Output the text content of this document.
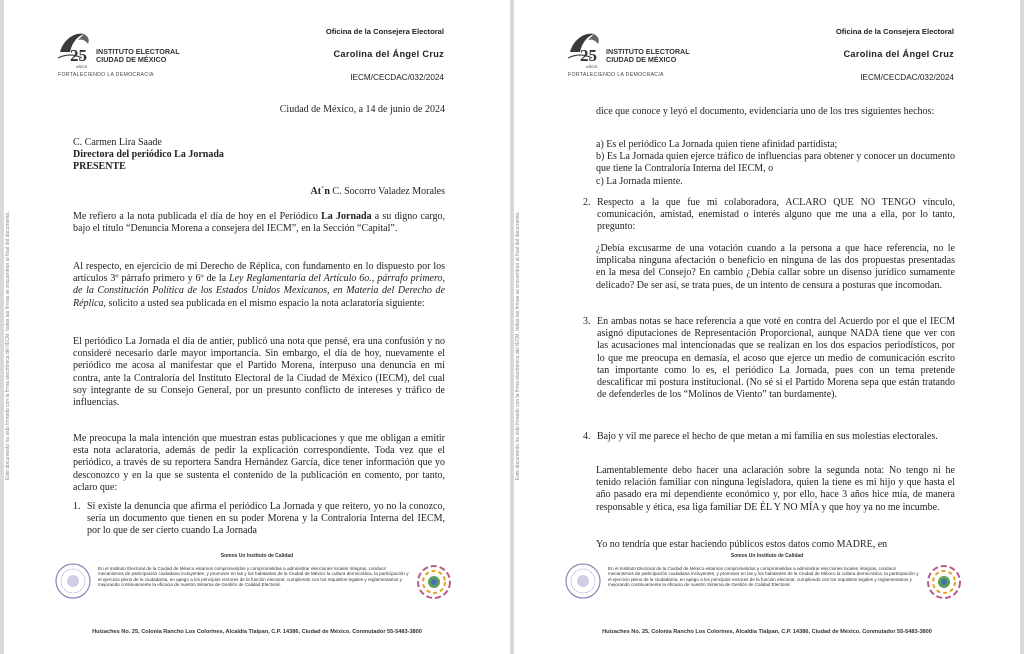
Este documento ha sido firmado con la firma electrónica del IECM, todas las firmas se encuentran al final del documento.
25
AÑOS
INSTITUTO ELECTORAL
CIUDAD DE MÉXICO
FORTALECIENDO LA DEMOCRACIA
Oficina de la Consejera Electoral
Carolina del Ángel Cruz
IECM/CECDAC/032/2024
Ciudad de México, a 14 de junio de 2024
C. Carmen Lira Saade
Directora del periódico La Jornada
PRESENTE
At´n C. Socorro Valadez Morales
Me refiero a la nota publicada el día de hoy en el Periódico La Jornada a su digno cargo, bajo el título “Denuncia Morena a consejera del IECM”, en la Sección “Capital”.
Al respecto, en ejercicio de mi Derecho de Réplica, con fundamento en lo dispuesto por los artículos 3º párrafo primero y 6º de la Ley Reglamentaria del Artículo 6o., párrafo primero, de la Constitución Política de los Estados Unidos Mexicanos, en Materia del Derecho de Réplica, solicito a usted sea publicada en el mismo espacio la nota aclaratoria siguiente:
El periódico La Jornada el día de antier, publicó una nota que pensé, era una confusión y no consideré necesario darle mayor importancia. Sin embargo, el día de hoy, nuevamente el periódico me acosa al manifestar que el Partido Morena, interpuso una denuncia en mi contra, ante la Contraloría del Instituto Electoral de la Ciudad de México (IECM), del cual soy integrante de su Consejo General, por un presunto conflicto de intereses y tráfico de influencias.
Me preocupa la mala intención que muestran estas publicaciones y que me obligan a emitir esta nota aclaratoria, además de pedir la explicación correspondiente. Toda vez que el periódico, a través de su reportera Sandra Hernández García, dice tener información que yo desconozco y en la que se sustenta el contenido de la publicación en comento, por tanto, aclaro que:
1. Si existe la denuncia que afirma el periódico La Jornada y que reitero, yo no la conozco, sería un documento que tienen en su poder Morena y la Contraloría Interna del IECM, por lo que de ser cierto cuando La Jornada
Somos Un Instituto de Calidad
En el Instituto Electoral de la Ciudad de México estamos comprometidos y comprometidas a administrar elecciones locales íntegras, conducir mecanismos de participación ciudadana incluyentes, y promover en las y los habitantes de la Ciudad de México la cultura democrática, la participación y el ejercicio pleno de la ciudadanía, en apego a los principios rectores de la función electoral, cumpliendo con los requisitos legales y reglamentarios y mejorando continuamente la eficacia de nuestro Sistema de Gestión de Calidad Electoral.
Huizaches No. 25, Colonia Rancho Los Colorines, Alcaldía Tlalpan, C.P. 14386, Ciudad de México. Conmutador 55-5483-3800
Este documento ha sido firmado con la firma electrónica del IECM, todas las firmas se encuentran al final del documento.
25
AÑOS
INSTITUTO ELECTORAL
CIUDAD DE MÉXICO
FORTALECIENDO LA DEMOCRACIA
Oficina de la Consejera Electoral
Carolina del Ángel Cruz
IECM/CECDAC/032/2024
dice que conoce y leyó el documento, evidenciaría uno de los tres siguientes hechos:
a) Es el periódico La Jornada quien tiene afinidad partidista;
b) Es La Jornada quien ejerce tráfico de influencias para obtener y conocer un documento que tiene la Contraloría Interna del IECM, o
c) La Jornada miente.
2. Respecto a la que fue mi colaboradora, ACLARO QUE NO TENGO vínculo, comunicación, amistad, enemistad o interés alguno que me una a ella, por lo tanto, pregunto:
¿Debía excusarme de una votación cuando a la persona a que hace referencia, no le implicaba ninguna afectación o beneficio en ninguna de las dos propuestas presentadas en la mesa del Consejo? En cambio ¿Debía callar sobre un disenso jurídico sumamente delicado? De ser así, se trata pues, de un intento de censura a posturas que incomodan.
3. En ambas notas se hace referencia a que voté en contra del Acuerdo por el que el IECM asignó diputaciones de Representación Proporcional, aunque NADA tiene que ver con las acusaciones mal intencionadas que se realizan en los dos espacios periodísticos, por lo que me preocupa en demasía, el acoso que ejerce un medio de comunicación escrito tan importante como lo es, el periódico La Jornada, pues con un tema pretende descalificar mi postura institucional. (No sé si el Partido Morena sepa que están tratando de defenderles de los “Molinos de Viento” tan burdamente).
4. Bajo y vil me parece el hecho de que metan a mi familia en sus molestias electorales.
Lamentablemente debo hacer una aclaración sobre la segunda nota: No tengo ni he tenido relación familiar con ninguna legisladora, quien la tiene es mi hijo y que hasta el año pasado era mi dependiente económico y, por ello, hace 3 años hice mía, de manera responsable y ética, esa liga familiar DE ÉL Y NO MÍA y que hoy ya no me incumbe.
Yo no tendría que estar haciendo públicos estos datos como MADRE, en
Somos Un Instituto de Calidad
En el Instituto Electoral de la Ciudad de México estamos comprometidos y comprometidas a administrar elecciones locales íntegras, conducir mecanismos de participación ciudadana incluyentes, y promover en las y los habitantes de la Ciudad de México la cultura democrática, la participación y el ejercicio pleno de la ciudadanía, en apego a los principios rectores de la función electoral, cumpliendo con los requisitos legales y reglamentarios y mejorando continuamente la eficacia de nuestro Sistema de Gestión de Calidad Electoral.
Huizaches No. 25, Colonia Rancho Los Colorines, Alcaldía Tlalpan, C.P. 14386, Ciudad de México. Conmutador 55-5483-3800
